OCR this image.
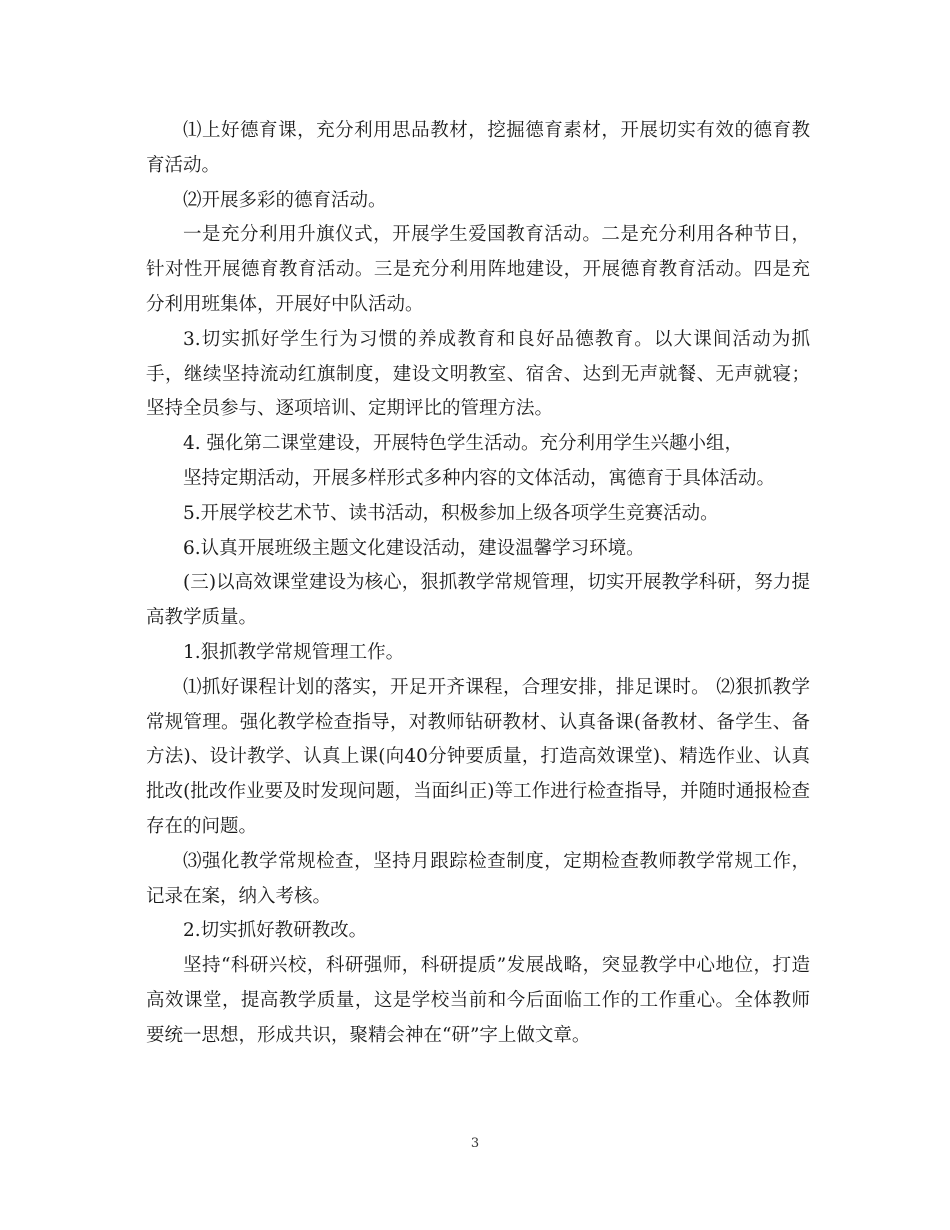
⑴上好德育课，充分利用思品教材，挖掘德育素材，开展切实有效的德育教育活动。

⑵开展多彩的德育活动。

一是充分利用升旗仪式，开展学生爱国教育活动。二是充分利用各种节日，针对性开展德育教育活动。三是充分利用阵地建设，开展德育教育活动。四是充分利用班集体，开展好中队活动。

3.切实抓好学生行为习惯的养成教育和良好品德教育。以大课间活动为抓手，继续坚持流动红旗制度，建设文明教室、宿舍、达到无声就餐、无声就寝；坚持全员参与、逐项培训、定期评比的管理方法。

4. 强化第二课堂建设，开展特色学生活动。充分利用学生兴趣小组，

坚持定期活动，开展多样形式多种内容的文体活动，寓德育于具体活动。

5.开展学校艺术节、读书活动，积极参加上级各项学生竞赛活动。

6.认真开展班级主题文化建设活动，建设温馨学习环境。

(三)以高效课堂建设为核心，狠抓教学常规管理，切实开展教学科研，努力提高教学质量。

1.狠抓教学常规管理工作。

⑴抓好课程计划的落实，开足开齐课程，合理安排，排足课时。 ⑵狠抓教学常规管理。强化教学检查指导，对教师钻研教材、认真备课(备教材、备学生、备方法)、设计教学、认真上课(向40分钟要质量，打造高效课堂)、精选作业、认真批改(批改作业要及时发现问题，当面纠正)等工作进行检查指导，并随时通报检查存在的问题。

⑶强化教学常规检查，坚持月跟踪检查制度，定期检查教师教学常规工作，记录在案，纳入考核。

2.切实抓好教研教改。

坚持“科研兴校，科研强师，科研提质”发展战略，突显教学中心地位，打造高效课堂，提高教学质量，这是学校当前和今后面临工作的工作重心。全体教师要统一思想，形成共识，聚精会神在“研”字上做文章。

3
